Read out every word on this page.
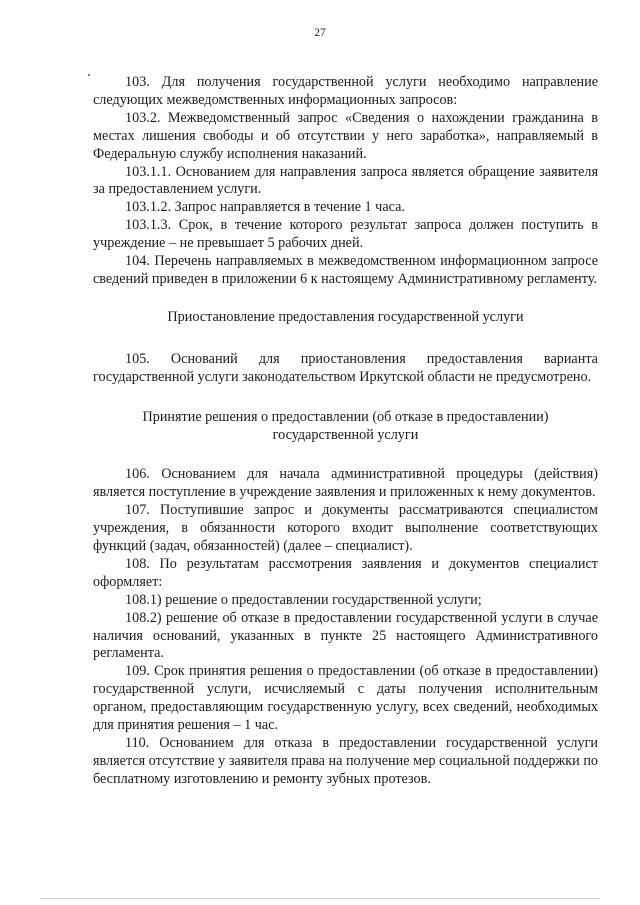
27

103. Для получения государственной услуги необходимо направление следующих межведомственных информационных запросов:

103.2. Межведомственный запрос «Сведения о нахождении гражданина в местах лишения свободы и об отсутствии у него заработка», направляемый в Федеральную службу исполнения наказаний.

103.1.1. Основанием для направления запроса является обращение заявителя за предоставлением услуги.

103.1.2. Запрос направляется в течение 1 часа.

103.1.3. Срок, в течение которого результат запроса должен поступить в учреждение – не превышает 5 рабочих дней.

104. Перечень направляемых в межведомственном информационном запросе сведений приведен в приложении 6 к настоящему Административному регламенту.

Приостановление предоставления государственной услуги

105. Оснований для приостановления предоставления варианта государственной услуги законодательством Иркутской области не предусмотрено.

Принятие решения о предоставлении (об отказе в предоставлении) государственной услуги

106. Основанием для начала административной процедуры (действия) является поступление в учреждение заявления и приложенных к нему документов.

107. Поступившие запрос и документы рассматриваются специалистом учреждения, в обязанности которого входит выполнение соответствующих функций (задач, обязанностей) (далее – специалист).

108. По результатам рассмотрения заявления и документов специалист оформляет:

108.1) решение о предоставлении государственной услуги;

108.2) решение об отказе в предоставлении государственной услуги в случае наличия оснований, указанных в пункте 25 настоящего Административного регламента.

109. Срок принятия решения о предоставлении (об отказе в предоставлении) государственной услуги, исчисляемый с даты получения исполнительным органом, предоставляющим государственную услугу, всех сведений, необходимых для принятия решения – 1 час.

110. Основанием для отказа в предоставлении государственной услуги является отсутствие у заявителя права на получение мер социальной поддержки по бесплатному изготовлению и ремонту зубных протезов.
